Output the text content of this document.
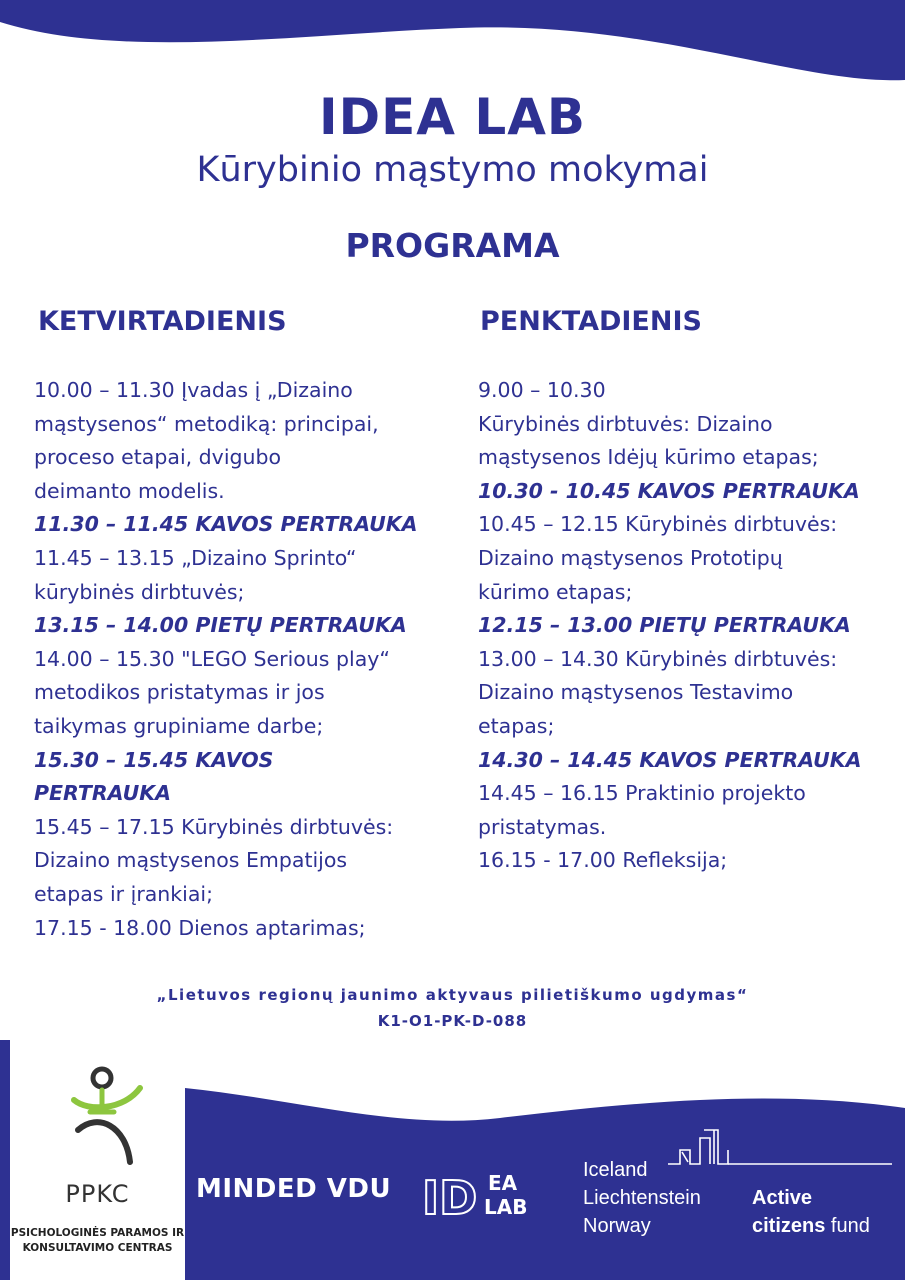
IDEA LAB
Kūrybinio mąstymo mokymai
PROGRAMA
KETVIRTADIENIS	PENKTADIENIS
10.00 – 11.30 Įvadas į „Dizaino
mąstysenos“ metodiką: principai,
proceso etapai, dvigubo
deimanto modelis.
11.30 – 11.45 KAVOS PERTRAUKA
11.45 – 13.15 „Dizaino Sprinto“
kūrybinės dirbtuvės;
13.15 – 14.00 PIETŲ PERTRAUKA
14.00 – 15.30 "LEGO Serious play“
metodikos pristatymas ir jos
taikymas grupiniame darbe;
15.30 – 15.45 KAVOS
PERTRAUKA
15.45 – 17.15 Kūrybinės dirbtuvės:
Dizaino mąstysenos Empatijos
etapas ir įrankiai;
17.15 - 18.00 Dienos aptarimas;
9.00 – 10.30
Kūrybinės dirbtuvės: Dizaino
mąstysenos Idėjų kūrimo etapas;
10.30 - 10.45 KAVOS PERTRAUKA
10.45 – 12.15 Kūrybinės dirbtuvės:
Dizaino mąstysenos Prototipų
kūrimo etapas;
12.15 – 13.00 PIETŲ PERTRAUKA
13.00 – 14.30 Kūrybinės dirbtuvės:
Dizaino mąstysenos Testavimo
etapas;
14.30 – 14.45 KAVOS PERTRAUKA
14.45 – 16.15 Praktinio projekto
pristatymas.
16.15 - 17.00 Refleksija;
„Lietuvos regionų jaunimo aktyvaus pilietiškumo ugdymas“
K1-O1-PK-D-088
PPKC
PSICHOLOGINĖS PARAMOS IR
KONSULTAVIMO CENTRAS
MINDED VDU ID EA
LAB
Iceland
Liechtenstein
Norway
Active
citizens fund
